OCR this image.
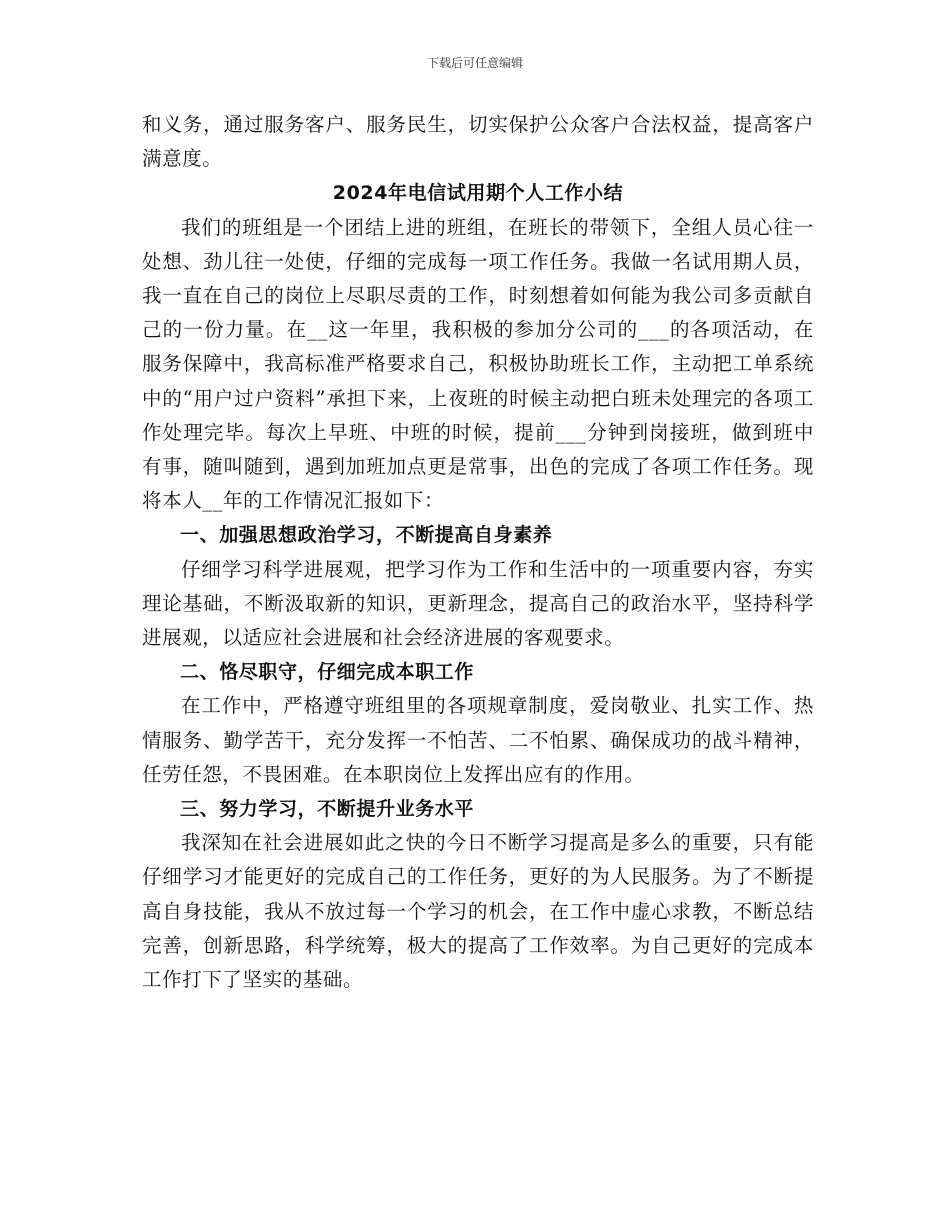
下载后可任意编辑

和义务，通过服务客户、服务民生，切实保护公众客户合法权益，提高客户满意度。

2024年电信试用期个人工作小结

我们的班组是一个团结上进的班组，在班长的带领下，全组人员心往一处想、劲儿往一处使，仔细的完成每一项工作任务。我做一名试用期人员，我一直在自己的岗位上尽职尽责的工作，时刻想着如何能为我公司多贡献自己的一份力量。在__这一年里，我积极的参加分公司的___的各项活动，在服务保障中，我高标准严格要求自己，积极协助班长工作，主动把工单系统中的“用户过户资料”承担下来，上夜班的时候主动把白班未处理完的各项工作处理完毕。每次上早班、中班的时候，提前___分钟到岗接班，做到班中有事，随叫随到，遇到加班加点更是常事，出色的完成了各项工作任务。现将本人__年的工作情况汇报如下：

一、加强思想政治学习，不断提高自身素养

仔细学习科学进展观，把学习作为工作和生活中的一项重要内容，夯实理论基础，不断汲取新的知识，更新理念，提高自己的政治水平，坚持科学进展观，以适应社会进展和社会经济进展的客观要求。

二、恪尽职守，仔细完成本职工作

在工作中，严格遵守班组里的各项规章制度，爱岗敬业、扎实工作、热情服务、勤学苦干，充分发挥一不怕苦、二不怕累、确保成功的战斗精神，任劳任怨，不畏困难。在本职岗位上发挥出应有的作用。

三、努力学习，不断提升业务水平

我深知在社会进展如此之快的今日不断学习提高是多么的重要，只有能仔细学习才能更好的完成自己的工作任务，更好的为人民服务。为了不断提高自身技能，我从不放过每一个学习的机会，在工作中虚心求教，不断总结完善，创新思路，科学统筹，极大的提高了工作效率。为自己更好的完成本工作打下了坚实的基础。
